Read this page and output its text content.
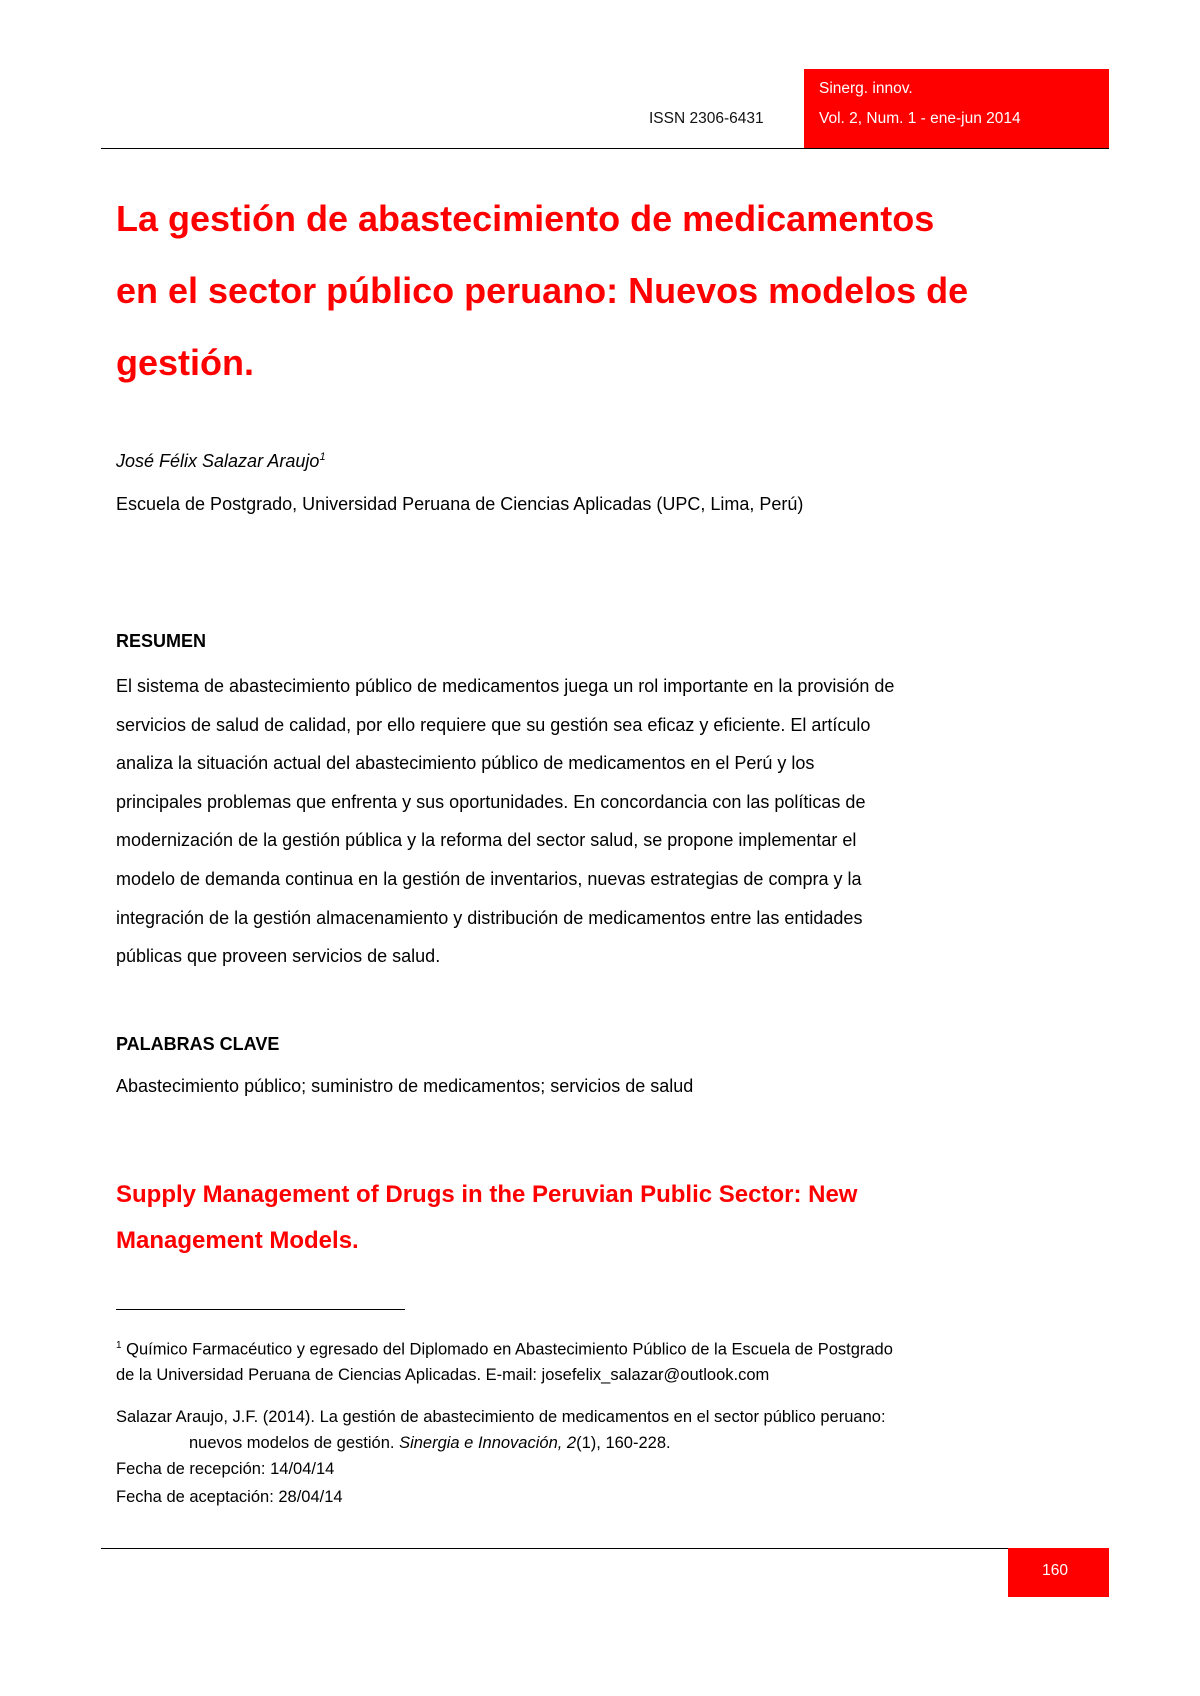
ISSN 2306-6431
Sinerg. innov.
Vol. 2, Num. 1 - ene-jun 2014
La gestión de abastecimiento de medicamentos
en el sector público peruano: Nuevos modelos de
gestión.
José Félix Salazar Araujo$^1$
Escuela de Postgrado, Universidad Peruana de Ciencias Aplicadas (UPC, Lima, Perú)
RESUMEN

El sistema de abastecimiento público de medicamentos juega un rol importante en la provisión de
servicios de salud de calidad, por ello requiere que su gestión sea eficaz y eficiente. El artículo
analiza la situación actual del abastecimiento público de medicamentos en el Perú y los
principales problemas que enfrenta y sus oportunidades. En concordancia con las políticas de
modernización de la gestión pública y la reforma del sector salud, se propone implementar el
modelo de demanda continua en la gestión de inventarios, nuevas estrategias de compra y la
integración de la gestión almacenamiento y distribución de medicamentos entre las entidades
públicas que proveen servicios de salud.

PALABRAS CLAVE
Abastecimiento público; suministro de medicamentos; servicios de salud
Supply Management of Drugs in the Peruvian Public Sector: New
Management Models.

$^1$ Químico Farmacéutico y egresado del Diplomado en Abastecimiento Público de la Escuela de Postgrado
de la Universidad Peruana de Ciencias Aplicadas. E-mail: josefelix_salazar@outlook.com

Salazar Araujo, J.F. (2014). La gestión de abastecimiento de medicamentos en el sector público peruano:
nuevos modelos de gestión. Sinergia e Innovación, 2(1), 160-228.
Fecha de recepción: 14/04/14
Fecha de aceptación: 28/04/14
160
